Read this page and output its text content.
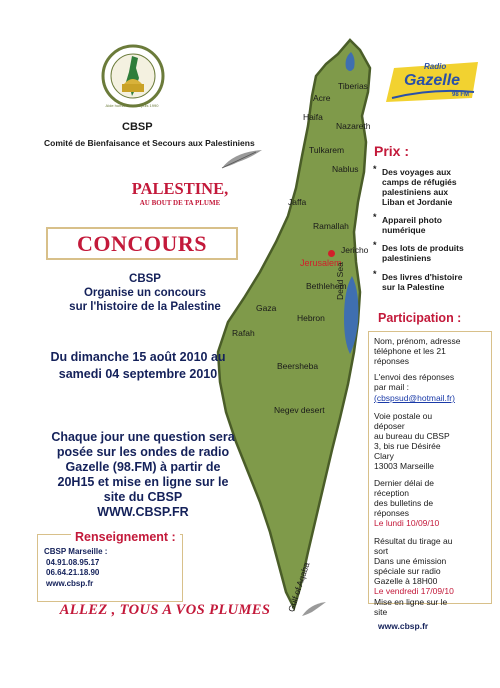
Aide humanitaire depuis 1990
CBSP
Comité de Bienfaisance et Secours aux Palestiniens
PALESTINE,
AU BOUT DE TA PLUME
CONCOURS
Tiberias
Acre
Haifa
Nazareth
Tulkarem
Nablus
Jaffa
Ramallah
Jericho
Jerusalem
Bethlehem
Gaza
Rafah
Hebron
Dead Sea
Beersheba
Negev desert
Gulf of Aqaba
CBSP
Organise un concours
sur l'histoire de la Palestine
Du dimanche 15 août 2010 au
samedi 04 septembre 2010
Chaque jour une question sera
posée sur les ondes de radio
Gazelle (98.FM) à partir de
20H15 et mise en ligne sur le
site du CBSP
WWW.CBSP.FR
Renseignement :
CBSP Marseille :
04.91.08.95.17
06.64.21.18.90
www.cbsp.fr
ALLEZ , TOUS A VOS PLUMES
Radio
Gazelle
98 FM
Prix :
* Des voyages aux
camps de réfugiés
palestiniens aux
Liban et Jordanie
* Appareil photo
numérique
* Des lots de produits
palestiniens
* Des livres d'histoire
sur la Palestine
Participation :
Nom, prénom, adresse
téléphone et les 21
réponses
L'envoi des réponses
par mail :
(cbspsud@hotmail.fr)
Voie postale ou
déposer
au bureau du CBSP
3, bis rue Désirée
Clary
13003 Marseille
Dernier délai de
réception
des bulletins de
réponses
Le lundi 10/09/10
Résultat du tirage au
sort
Dans une émission
spéciale sur radio
Gazelle à 18H00
Le vendredi 17/09/10
Mise en ligne sur le
site
www.cbsp.fr
